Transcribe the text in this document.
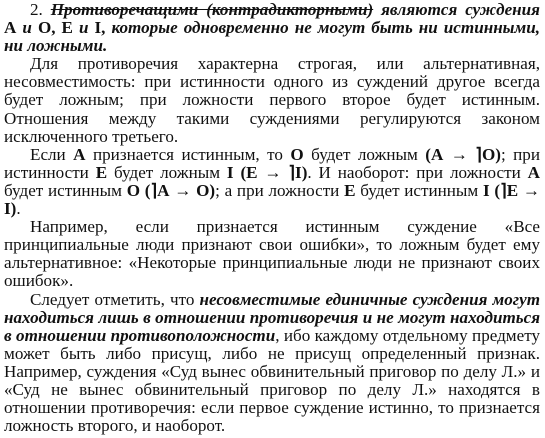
2. Противоречащими (контрадикторными) являются суждения А и О, Е и I, которые одновременно не могут быть ни истинными, ни ложными.

Для противоречия характерна строгая, или альтернативная, несовместимость: при истинности одного из суждений другое всегда будет ложным; при ложности первого второе будет истинным. Отношения между такими суждениями регулируются законом исключенного третьего.

Если А признается истинным, то О будет ложным (А → ⌉О); при истинности Е будет ложным I (Е → ⌉I). И наоборот: при ложности А будет истинным О (⌉А → О); а при ложности Е будет истинным I (⌉Е → I).

Например, если признается истинным суждение «Все принципиальные люди признают свои ошибки», то ложным будет ему альтернативное: «Некоторые принципиальные люди не признают своих ошибок».

Следует отметить, что несовместимые единичные суждения могут находиться лишь в отношении противоречия и не могут находиться в отношении противоположности, ибо каждому отдельному предмету может быть либо присущ, либо не присущ определенный признак. Например, суждения «Суд вынес обвинительный приговор по делу Л.» и «Суд не вынес обвинительный приговор по делу Л.» находятся в отношении противоречия: если первое суждение истинно, то признается ложность второго, и наоборот.
